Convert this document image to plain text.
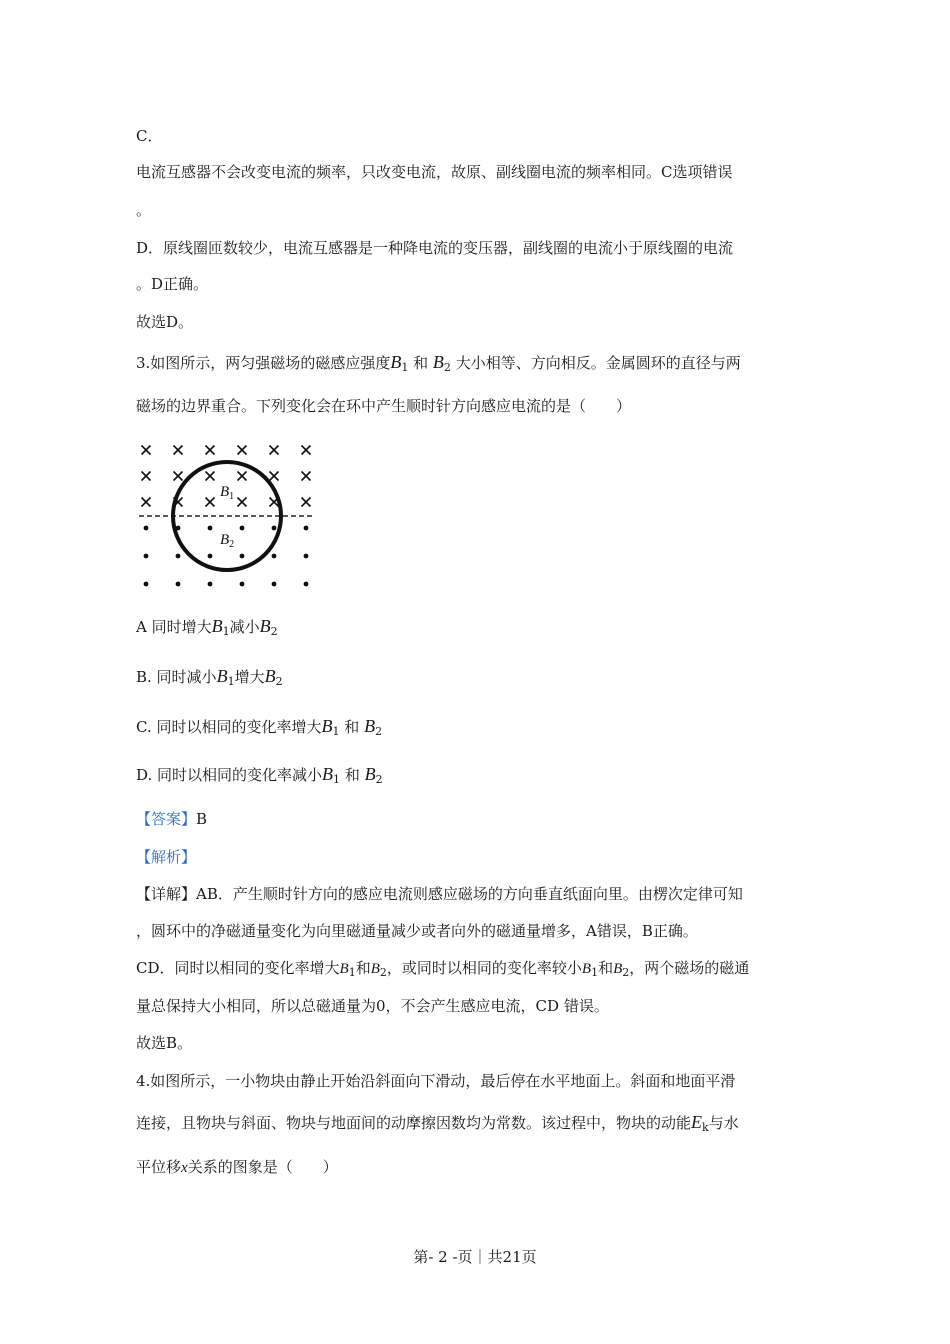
C．
电流互感器不会改变电流的频率，只改变电流，故原、副线圈电流的频率相同。C选项错误
。
D．原线圈匝数较少，电流互感器是一种降电流的变压器，副线圈的电流小于原线圈的电流
。D正确。
故选D。
3.如图所示，两匀强磁场的磁感应强度$B_1$ 和 $B_2$ 大小相等、方向相反。金属圆环的直径与两
磁场的边界重合。下列变化会在环中产生顺时针方向感应电流的是（　　）
$B_1$
$B_2$
A 同时增大$B_1$减小$B_2$
B. 同时减小$B_1$增大$B_2$
C. 同时以相同的变化率增大$B_1$ 和 $B_2$
D. 同时以相同的变化率减小$B_1$ 和 $B_2$
【答案】B
【解析】
【详解】AB．产生顺时针方向的感应电流则感应磁场的方向垂直纸面向里。由楞次定律可知
，圆环中的净磁通量变化为向里磁通量减少或者向外的磁通量增多，A错误，B正确。
CD．同时以相同的变化率增大$B_1$和$B_2$，或同时以相同的变化率较小$B_1$和$B_2$，两个磁场的磁通
量总保持大小相同，所以总磁通量为0，不会产生感应电流，CD 错误。
故选B。
4.如图所示，一小物块由静止开始沿斜面向下滑动，最后停在水平地面上。斜面和地面平滑
连接，且物块与斜面、物块与地面间的动摩擦因数均为常数。该过程中，物块的动能$E_k$与水
平位移x关系的图象是（　　）
第- 2 -页｜共21页
